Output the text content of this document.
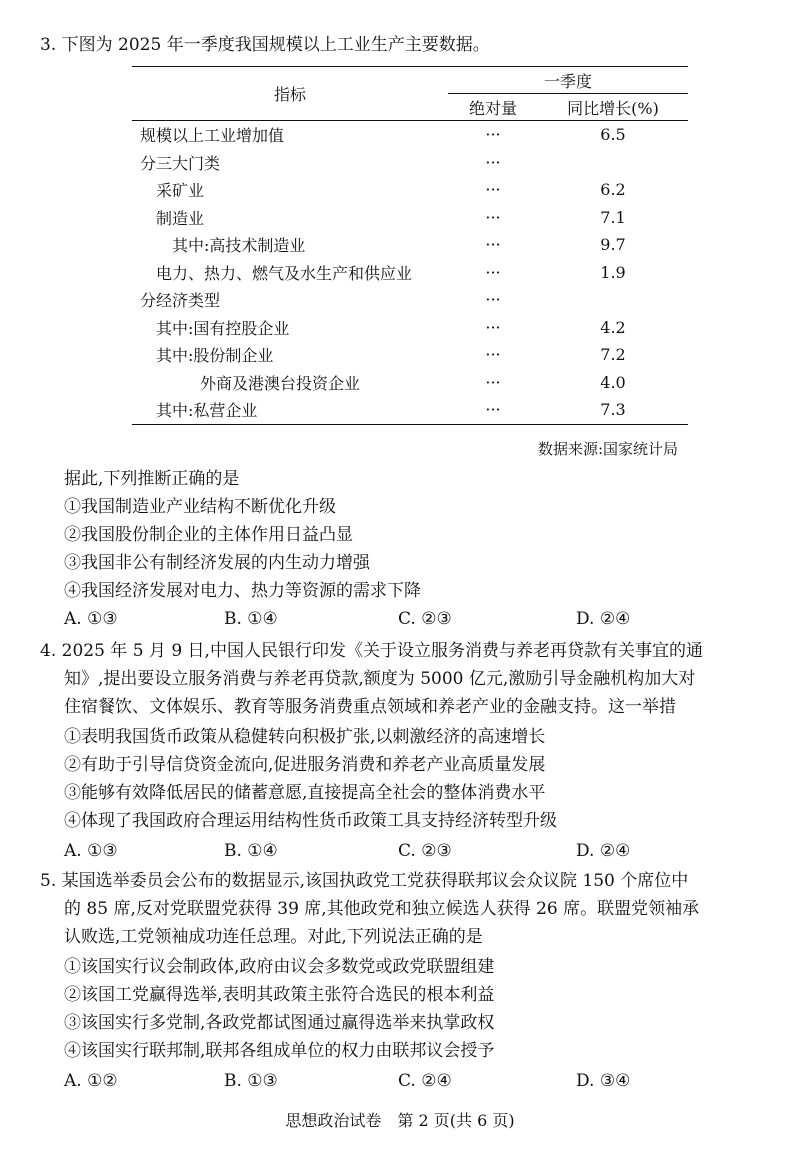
3. 下图为 2025 年一季度我国规模以上工业生产主要数据。
指标	一季度	
	绝对量	同比增长(%)
规模以上工业增加值	···	6.5
分三大门类	···	
采矿业	···	6.2
制造业	···	7.1
其中:高技术制造业	···	9.7
电力、热力、燃气及水生产和供应业	···	1.9
分经济类型	···	
其中:国有控股企业	···	4.2
其中:股份制企业	···	7.2
外商及港澳台投资企业	···	4.0
其中:私营企业	···	7.3
数据来源:国家统计局
据此,下列推断正确的是
①我国制造业产业结构不断优化升级
②我国股份制企业的主体作用日益凸显
③我国非公有制经济发展的内生动力增强
④我国经济发展对电力、热力等资源的需求下降
A. ①③	B. ①④	C. ②③	D. ②④
4. 2025 年 5 月 9 日,中国人民银行印发《关于设立服务消费与养老再贷款有关事宜的通
知》,提出要设立服务消费与养老再贷款,额度为 5000 亿元,激励引导金融机构加大对
住宿餐饮、文体娱乐、教育等服务消费重点领域和养老产业的金融支持。这一举措
①表明我国货币政策从稳健转向积极扩张,以刺激经济的高速增长
②有助于引导信贷资金流向,促进服务消费和养老产业高质量发展
③能够有效降低居民的储蓄意愿,直接提高全社会的整体消费水平
④体现了我国政府合理运用结构性货币政策工具支持经济转型升级
A. ①③	B. ①④	C. ②③	D. ②④
5. 某国选举委员会公布的数据显示,该国执政党工党获得联邦议会众议院 150 个席位中
的 85 席,反对党联盟党获得 39 席,其他政党和独立候选人获得 26 席。联盟党领袖承
认败选,工党领袖成功连任总理。对此,下列说法正确的是
①该国实行议会制政体,政府由议会多数党或政党联盟组建
②该国工党赢得选举,表明其政策主张符合选民的根本利益
③该国实行多党制,各政党都试图通过赢得选举来执掌政权
④该国实行联邦制,联邦各组成单位的权力由联邦议会授予
A. ①②	B. ①③	C. ②④	D. ③④
思想政治试卷　第 2 页(共 6 页)
